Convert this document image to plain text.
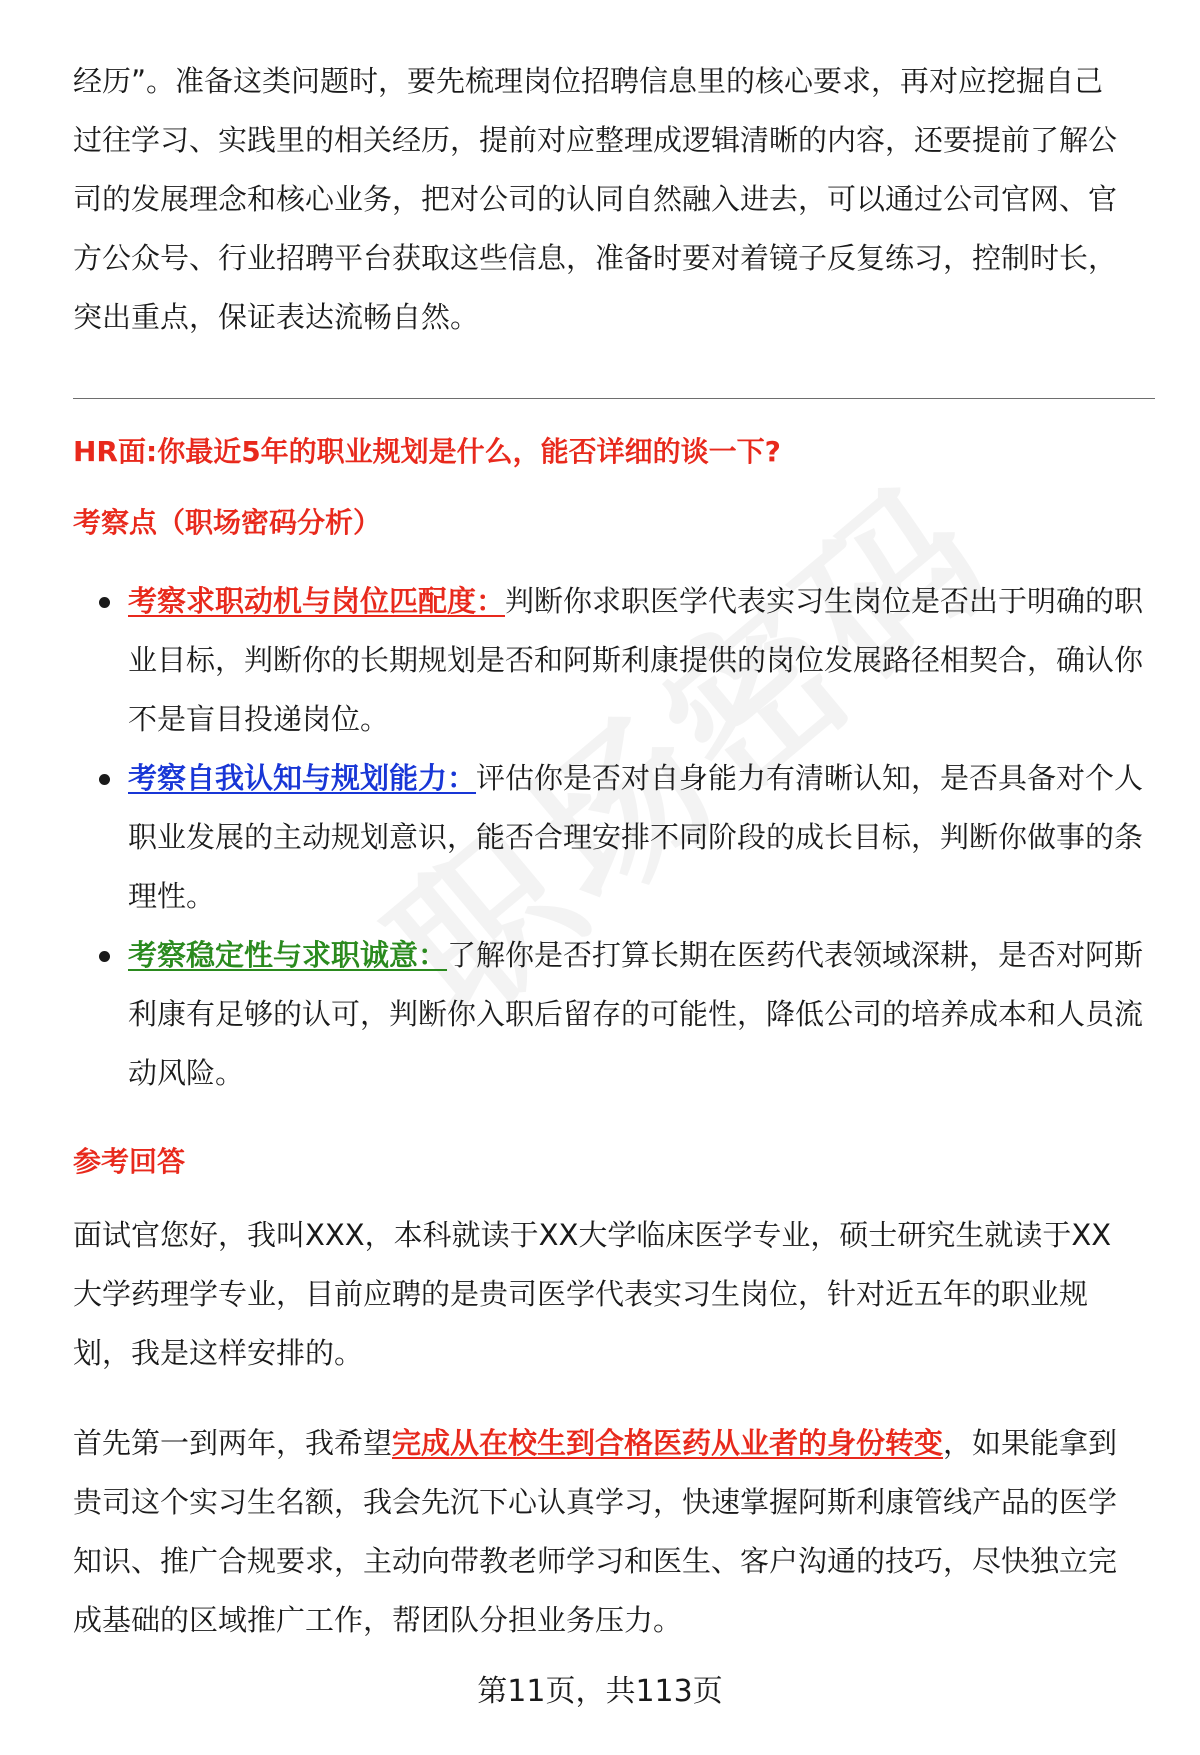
经历”。准备这类问题时，要先梳理岗位招聘信息里的核心要求，再对应挖掘自己过往学习、实践里的相关经历，提前对应整理成逻辑清晰的内容，还要提前了解公司的发展理念和核心业务，把对公司的认同自然融入进去，可以通过公司官网、官方公众号、行业招聘平台获取这些信息，准备时要对着镜子反复练习，控制时长，突出重点，保证表达流畅自然。

HR面:你最近5年的职业规划是什么，能否详细的谈一下?
考察点（职场密码分析）
考察求职动机与岗位匹配度：判断你求职医学代表实习生岗位是否出于明确的职业目标，判断你的长期规划是否和阿斯利康提供的岗位发展路径相契合，确认你不是盲目投递岗位。
考察自我认知与规划能力：评估你是否对自身能力有清晰认知，是否具备对个人职业发展的主动规划意识，能否合理安排不同阶段的成长目标，判断你做事的条理性。
考察稳定性与求职诚意：了解你是否打算长期在医药代表领域深耕，是否对阿斯利康有足够的认可，判断你入职后留存的可能性，降低公司的培养成本和人员流动风险。
参考回答

面试官您好，我叫XXX，本科就读于XX大学临床医学专业，硕士研究生就读于XX大学药理学专业，目前应聘的是贵司医学代表实习生岗位，针对近五年的职业规划，我是这样安排的。

首先第一到两年，我希望完成从在校生到合格医药从业者的身份转变，如果能拿到贵司这个实习生名额，我会先沉下心认真学习，快速掌握阿斯利康管线产品的医学知识、推广合规要求，主动向带教老师学习和医生、客户沟通的技巧，尽快独立完成基础的区域推广工作，帮团队分担业务压力。

第11页，共113页
